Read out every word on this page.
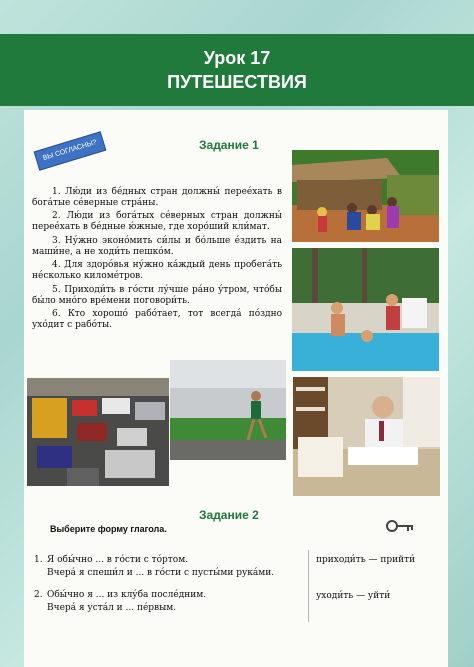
Урок 17
ПУТЕШЕСТВИЯ
Задание 1
ВЫ СОГЛАСНЫ?

1. Лю́ди из бе́дных стран должны́ переéхать в бога́тые се́верные стра́ны.

2. Лю́ди из бога́тых се́верных стран должны́ переéхать в бе́дные ю́жные, где хоро́ший кли́мат.

3. Ну́жно эконо́мить си́лы и бо́льше éздить на маши́не, а не ходи́ть пешко́м.

4. Для здоро́вья ну́жно ка́ждый день пробега́ть не́сколько киломе́тров.

5. Приходи́ть в го́сти лу́чше ра́но у́тром, что́бы бы́ло мно́го вре́мени поговори́ть.

6. Кто хорошо́ рабо́тает, тот всегда́ по́здно ухо́дит с рабо́ты.

Задание 2
Выберите форму глагола.
1. Я обы́чно ... в го́сти с то́ртом.
Вчера́ я спеши́л и ... в го́сти с пусты́ми рука́ми.
2. Обы́чно я ... из клу́ба после́дним.
Вчера́ я уста́л и ... пе́рвым.
приходи́ть — прийти́
уходи́ть — уйти́
